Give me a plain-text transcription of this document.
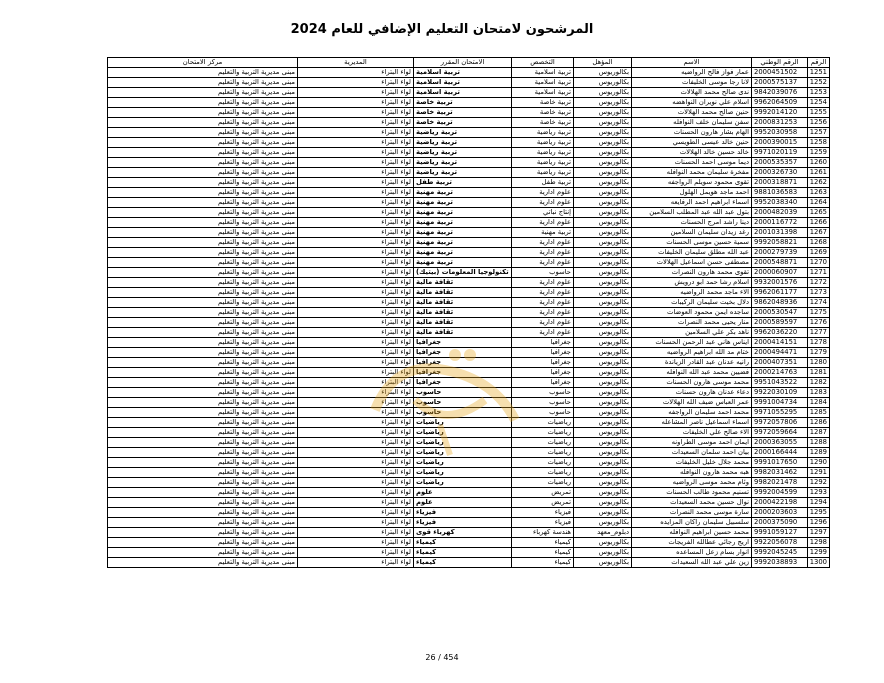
المرشحون لامتحان التعليم الإضافي للعام 2024
الرقم	الرقم الوطني	الاسم	المؤهل	التخصص	الامتحان المقرر	المديرية	مركز الامتحان
1251	2000451502	عمار فواز فالح الرواضيه	بكالوريوس	تربية اسلامية	تربية اسلامية	لواء البتراء	مبنى مديرية التربية والتعليم
1252	2000575137	لانا رجا موسى الخليفات	بكالوريوس	تربية اسلامية	تربية اسلامية	لواء البتراء	مبنى مديرية التربية والتعليم
1253	9842039076	ندى صالح محمد الهلالات	بكالوريوس	تربية اسلامية	تربية اسلامية	لواء البتراء	مبنى مديرية التربية والتعليم
1254	9962064509	اسلام علي نويران النواهضه	بكالوريوس	تربية خاصة	تربية خاصة	لواء البتراء	مبنى مديرية التربية والتعليم
1255	9992014120	حنين صالح محمد الهلالات	بكالوريوس	تربية خاصة	تربية خاصة	لواء البتراء	مبنى مديرية التربية والتعليم
1256	2000831253	سفن سليمان خلف النوافله	بكالوريوس	تربية خاصة	تربية خاصة	لواء البتراء	مبنى مديرية التربية والتعليم
1257	9952030958	الهام بشار هارون الحسنات	بكالوريوس	تربية رياضية	تربية رياضية	لواء البتراء	مبنى مديرية التربية والتعليم
1258	2000390015	حنين خالد عيسى الطويسي	بكالوريوس	تربية رياضية	تربية رياضية	لواء البتراء	مبنى مديرية التربية والتعليم
1259	9971020119	خالد حسين خالد الهلالات	بكالوريوس	تربية رياضية	تربية رياضية	لواء البتراء	مبنى مديرية التربية والتعليم
1260	2000535357	ديما موسى احمد الحسنات	بكالوريوس	تربية رياضية	تربية رياضية	لواء البتراء	مبنى مديرية التربية والتعليم
1261	2000326730	مفخرة سليمان محمد النوافله	بكالوريوس	تربية رياضية	تربية رياضية	لواء البتراء	مبنى مديرية التربية والتعليم
1262	2000318871	تقوى محمود سويلم الرواجفه	بكالوريوس	تربية طفل	تربية طفل	لواء البتراء	مبنى مديرية التربية والتعليم
1263	9881036583	احمد ماجد هويمل الهلول	بكالوريوس	علوم ادارية	تربية مهنية	لواء البتراء	مبنى مديرية التربية والتعليم
1264	9952038340	اسماء ابراهيم احمد الرفايعه	بكالوريوس	علوم ادارية	تربية مهنية	لواء البتراء	مبنى مديرية التربية والتعليم
1265	2000482039	بتول عبد الله عبد المطلب السلامين	بكالوريوس	إنتاج نباتي	تربية مهنية	لواء البتراء	مبنى مديرية التربية والتعليم
1266	2000116772	دينا راشد امرج الحسنات	بكالوريوس	علوم ادارية	تربية مهنية	لواء البتراء	مبنى مديرية التربية والتعليم
1267	2001031398	رغد زيدان سليمان السلامين	بكالوريوس	تربية مهنية	تربية مهنية	لواء البتراء	مبنى مديرية التربية والتعليم
1268	9992058821	سمية حسين موسى الحسنات	بكالوريوس	علوم ادارية	تربية مهنية	لواء البتراء	مبنى مديرية التربية والتعليم
1269	2000279739	عبد الله مطلق سليمان الخليفات	بكالوريوس	علوم ادارية	تربية مهنية	لواء البتراء	مبنى مديرية التربية والتعليم
1270	2000548871	مصطفى حسن اسماعيل الهلالات	بكالوريوس	علوم ادارية	تربية مهنية	لواء البتراء	مبنى مديرية التربية والتعليم
1271	2000060907	تقوى محمد هارون النصرات	بكالوريوس	حاسوب	تكنولوجيا المعلومات (بيتيك)	لواء البتراء	مبنى مديرية التربية والتعليم
1272	9932001576	اسلام رشا حمد ابو درويش	بكالوريوس	علوم ادارية	ثقافة مالية	لواء البتراء	مبنى مديرية التربية والتعليم
1273	9962061177	الاء ماجد محمد الرواضيه	بكالوريوس	علوم ادارية	ثقافة مالية	لواء البتراء	مبنى مديرية التربية والتعليم
1274	9862048936	دلال بخيت سليمان الركيبات	بكالوريوس	علوم ادارية	ثقافة مالية	لواء البتراء	مبنى مديرية التربية والتعليم
1275	2000530547	ساجده ايمن محمود العوضات	بكالوريوس	علوم ادارية	ثقافة مالية	لواء البتراء	مبنى مديرية التربية والتعليم
1276	2000589597	منار يحيى محمد النصرات	بكالوريوس	علوم ادارية	ثقافة مالية	لواء البتراء	مبنى مديرية التربية والتعليم
1277	9962036220	ناهد بكر علي السلامين	بكالوريوس	علوم ادارية	ثقافة مالية	لواء البتراء	مبنى مديرية التربية والتعليم
1278	2000414151	ايناس هاني عبد الرحمن الحسنات	بكالوريوس	جغرافيا	جغرافيا	لواء البتراء	مبنى مديرية التربية والتعليم
1279	2000494471	ختام مد الله ابراهيم الرواضيه	بكالوريوس	جغرافيا	جغرافيا	لواء البتراء	مبنى مديرية التربية والتعليم
1280	2000407351	رانيه عدنان عبد القادر الزياندة	بكالوريوس	جغرافيا	جغرافيا	لواء البتراء	مبنى مديرية التربية والتعليم
1281	2000214763	فضيين محمد عبد الله النوافله	بكالوريوس	جغرافيا	جغرافيا	لواء البتراء	مبنى مديرية التربية والتعليم
1282	9951043522	محمد موسى هارون الحسنات	بكالوريوس	جغرافيا	جغرافيا	لواء البتراء	مبنى مديرية التربية والتعليم
1283	9922030109	دعاء عدنان هارون حسنات	بكالوريوس	حاسوب	حاسوب	لواء البتراء	مبنى مديرية التربية والتعليم
1284	9991004734	عمر العباس ضيف الله الهلالات	بكالوريوس	حاسوب	حاسوب	لواء البتراء	مبنى مديرية التربية والتعليم
1285	9971055295	محمد احمد سليمان الرواجفه	بكالوريوس	حاسوب	حاسوب	لواء البتراء	مبنى مديرية التربية والتعليم
1286	9972057806	اسماء اسماعيل ناصر المشاعله	بكالوريوس	رياضيات	رياضيات	لواء البتراء	مبنى مديرية التربية والتعليم
1287	9972059664	الاء صالح علي الخليفات	بكالوريوس	رياضيات	رياضيات	لواء البتراء	مبنى مديرية التربية والتعليم
1288	2000363055	ايمان احمد موسى الطراونه	بكالوريوس	رياضيات	رياضيات	لواء البتراء	مبنى مديرية التربية والتعليم
1289	2000166444	بيان احمد سلمان السعيدات	بكالوريوس	رياضيات	رياضيات	لواء البتراء	مبنى مديرية التربية والتعليم
1290	9991017650	محمد جلال خليل الخليفات	بكالوريوس	رياضيات	رياضيات	لواء البتراء	مبنى مديرية التربية والتعليم
1291	9982031462	هبه محمد هارون النوافله	بكالوريوس	رياضيات	رياضيات	لواء البتراء	مبنى مديرية التربية والتعليم
1292	9982021478	وئام محمد موسى الرواضيه	بكالوريوس	رياضيات	رياضيات	لواء البتراء	مبنى مديرية التربية والتعليم
1293	9992004599	تسنيم محمود طالب الحسنات	بكالوريوس	تمريض	علوم	لواء البتراء	مبنى مديرية التربية والتعليم
1294	2000422198	نوال حسين محمد السعيدات	بكالوريوس	تمريض	علوم	لواء البتراء	مبنى مديرية التربية والتعليم
1295	2000203603	سارة موسى محمد النصرات	بكالوريوس	فيزياء	فيزياء	لواء البتراء	مبنى مديرية التربية والتعليم
1296	2000375090	سلسبيل سليمان راكان المزايده	بكالوريوس	فيزياء	فيزياء	لواء البتراء	مبنى مديرية التربية والتعليم
1297	9991059127	محمد حسين ابراهيم النوافله	دبلوم_معهد	هندسة كهرباء	كهرباء قوى	لواء البتراء	مبنى مديرية التربية والتعليم
1298	9922056078	اريج رجائي عطالله الفريجات	بكالوريوس	كيمياء	كيمياء	لواء البتراء	مبنى مديرية التربية والتعليم
1299	9992045245	انوار بسام زعل المساعده	بكالوريوس	كيمياء	كيمياء	لواء البتراء	مبنى مديرية التربية والتعليم
1300	9992038893	زين علي عبد الله السعيدات	بكالوريوس	كيمياء	كيمياء	لواء البتراء	مبنى مديرية التربية والتعليم
26 / 454
